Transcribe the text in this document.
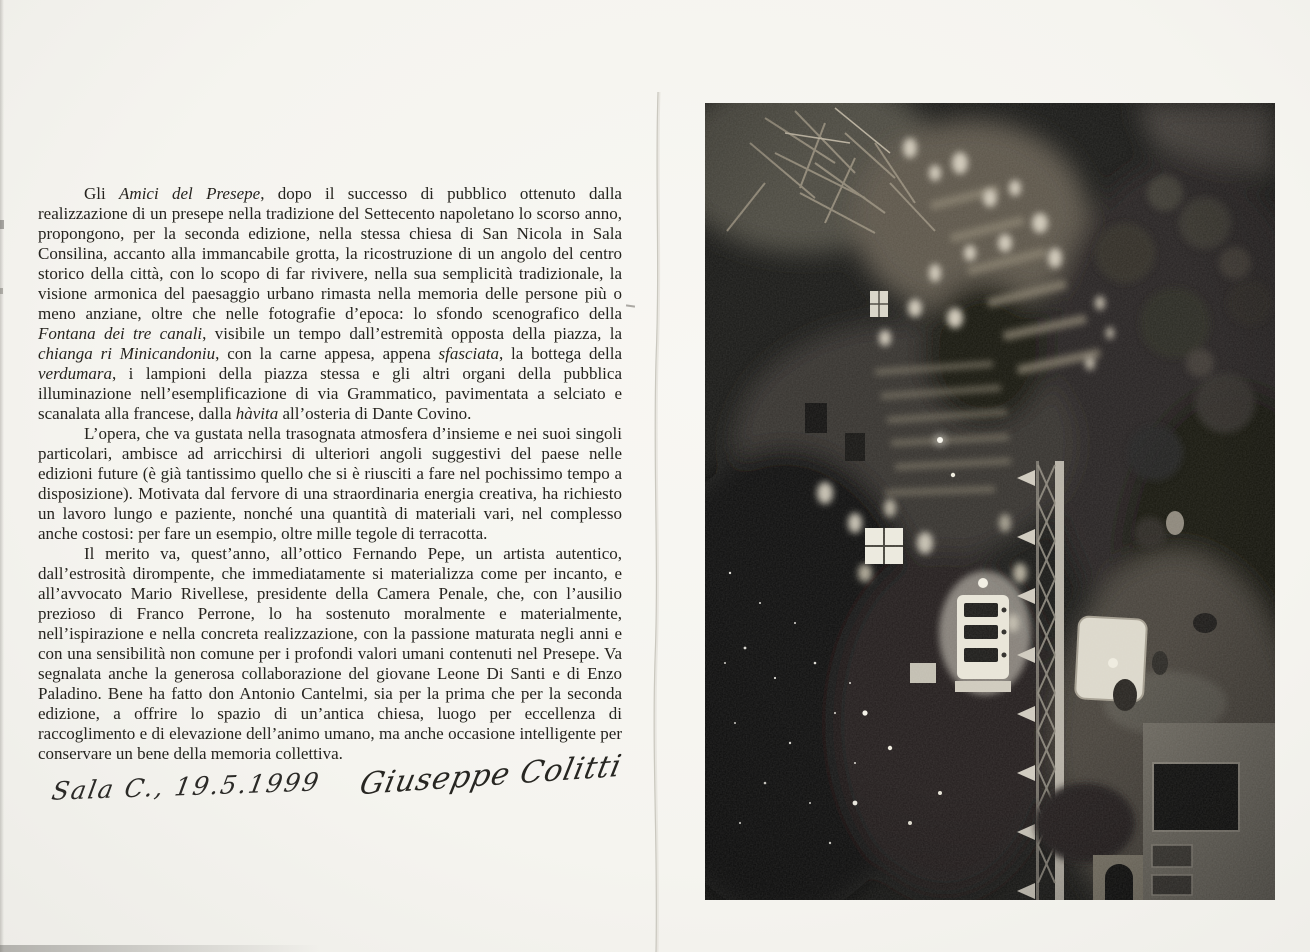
Gli Amici del Presepe, dopo il successo di pubblico ottenuto dalla realizzazione di un presepe nella tradizione del Settecento napoletano lo scorso anno, propongono, per la seconda edizione, nella stessa chiesa di San Nicola in Sala Consilina, accanto alla immancabile grotta, la ricostruzione di un angolo del centro storico della città, con lo scopo di far rivivere, nella sua semplicità tradizionale, la visione armonica del paesaggio urbano rimasta nella memoria delle persone più o meno anziane, oltre che nelle fotografie d’epoca: lo sfondo scenografico della Fontana dei tre canali, visibile un tempo dall’estremità opposta della piazza, la chianga ri Minicandoniu, con la carne appesa, appena sfasciata, la bottega della verdumara, i lampioni della piazza stessa e gli altri organi della pubblica illuminazione nell’esemplificazione di via Grammatico, pavimentata a selciato e scanalata alla francese, dalla hàvita all’osteria di Dante Covino.

L’opera, che va gustata nella trasognata atmosfera d’insieme e nei suoi singoli particolari, ambisce ad arricchirsi di ulteriori angoli suggestivi del paese nelle edizioni future (è già tantissimo quello che si è riusciti a fare nel pochissimo tempo a disposizione). Motivata dal fervore di una straordinaria energia creativa, ha richiesto un lavoro lungo e paziente, nonché una quantità di materiali vari, nel complesso anche costosi: per fare un esempio, oltre mille tegole di terracotta.

Il merito va, quest’anno, all’ottico Fernando Pepe, un artista autentico, dall’estrosità dirompente, che immediatamente si materializza come per incanto, e all’avvocato Mario Rivellese, presidente della Camera Penale, che, con l’ausilio prezioso di Franco Perrone, lo ha sostenuto moralmente e materialmente, nell’ispirazione e nella concreta realizzazione, con la passione maturata negli anni e con una sensibilità non comune per i profondi valori umani contenuti nel Presepe. Va segnalata anche la generosa collaborazione del giovane Leone Di Santi e di Enzo Paladino. Bene ha fatto don Antonio Cantelmi, sia per la prima che per la seconda edizione, a offrire lo spazio di un’antica chiesa, luogo per eccellenza di raccoglimento e di elevazione dell’animo umano, ma anche occasione intelligente per conservare un bene della memoria collettiva.

Sala C., 19.5.1999 Giuseppe Colitti
